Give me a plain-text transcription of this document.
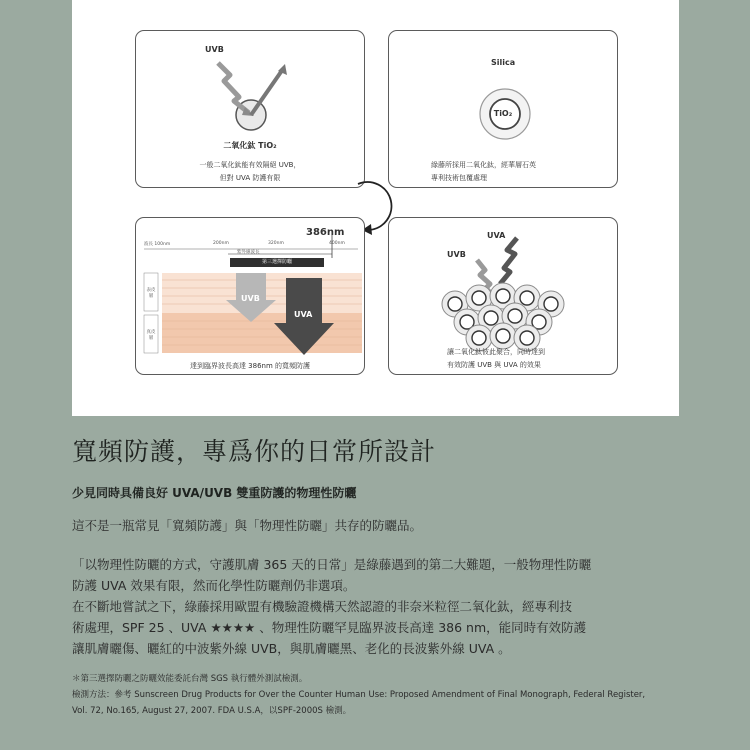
UVB
二氧化鈦 TiO₂
一般二氧化鈦能有效隔絕 UVB，
但對 UVA 防護有限
Silica
TiO₂
綠藤所採用二氧化鈦，經華層石英
專利技術包覆處理
386nm
波長 100nm	200nm	320nm	400nm
紫外線波長
第三選擇防曬
表皮層
真皮層
UVB
UVA
達到臨界波長高達 386nm 的寬頻防護
UVA
UVB
讓二氧化鈦彼此聚合，同時達到
有效防護 UVB 與 UVA 的效果
寬頻防護，專爲你的日常所設計
少見同時具備良好 UVA/UVB 雙重防護的物理性防曬
這不是一瓶常見「寬頻防護」與「物理性防曬」共存的防曬品。
「以物理性防曬的方式，守護肌膚 365 天的日常」是綠藤遇到的第二大難題，一般物理性防曬
防護 UVA 效果有限，然而化學性防曬劑仍非選項。
在不斷地嘗試之下，綠藤採用歐盟有機驗證機構天然認證的非奈米粒徑二氧化鈦，經專利技
術處理，SPF 25 、UVA ★★★★ 、物理性防曬罕見臨界波長高達 386 nm，能同時有效防護
讓肌膚曬傷、曬紅的中波紫外線 UVB，與肌膚曬黑、老化的長波紫外線 UVA 。
＊第三選擇防曬之防曬效能委託台灣 SGS 執行體外測試檢測。
檢測方法：參考 Sunscreen Drug Products for Over the Counter Human Use: Proposed Amendment of Final Monograph, Federal Register,
Vol. 72, No.165, August 27, 2007. FDA U.S.A，以SPF-2000S 檢測。
